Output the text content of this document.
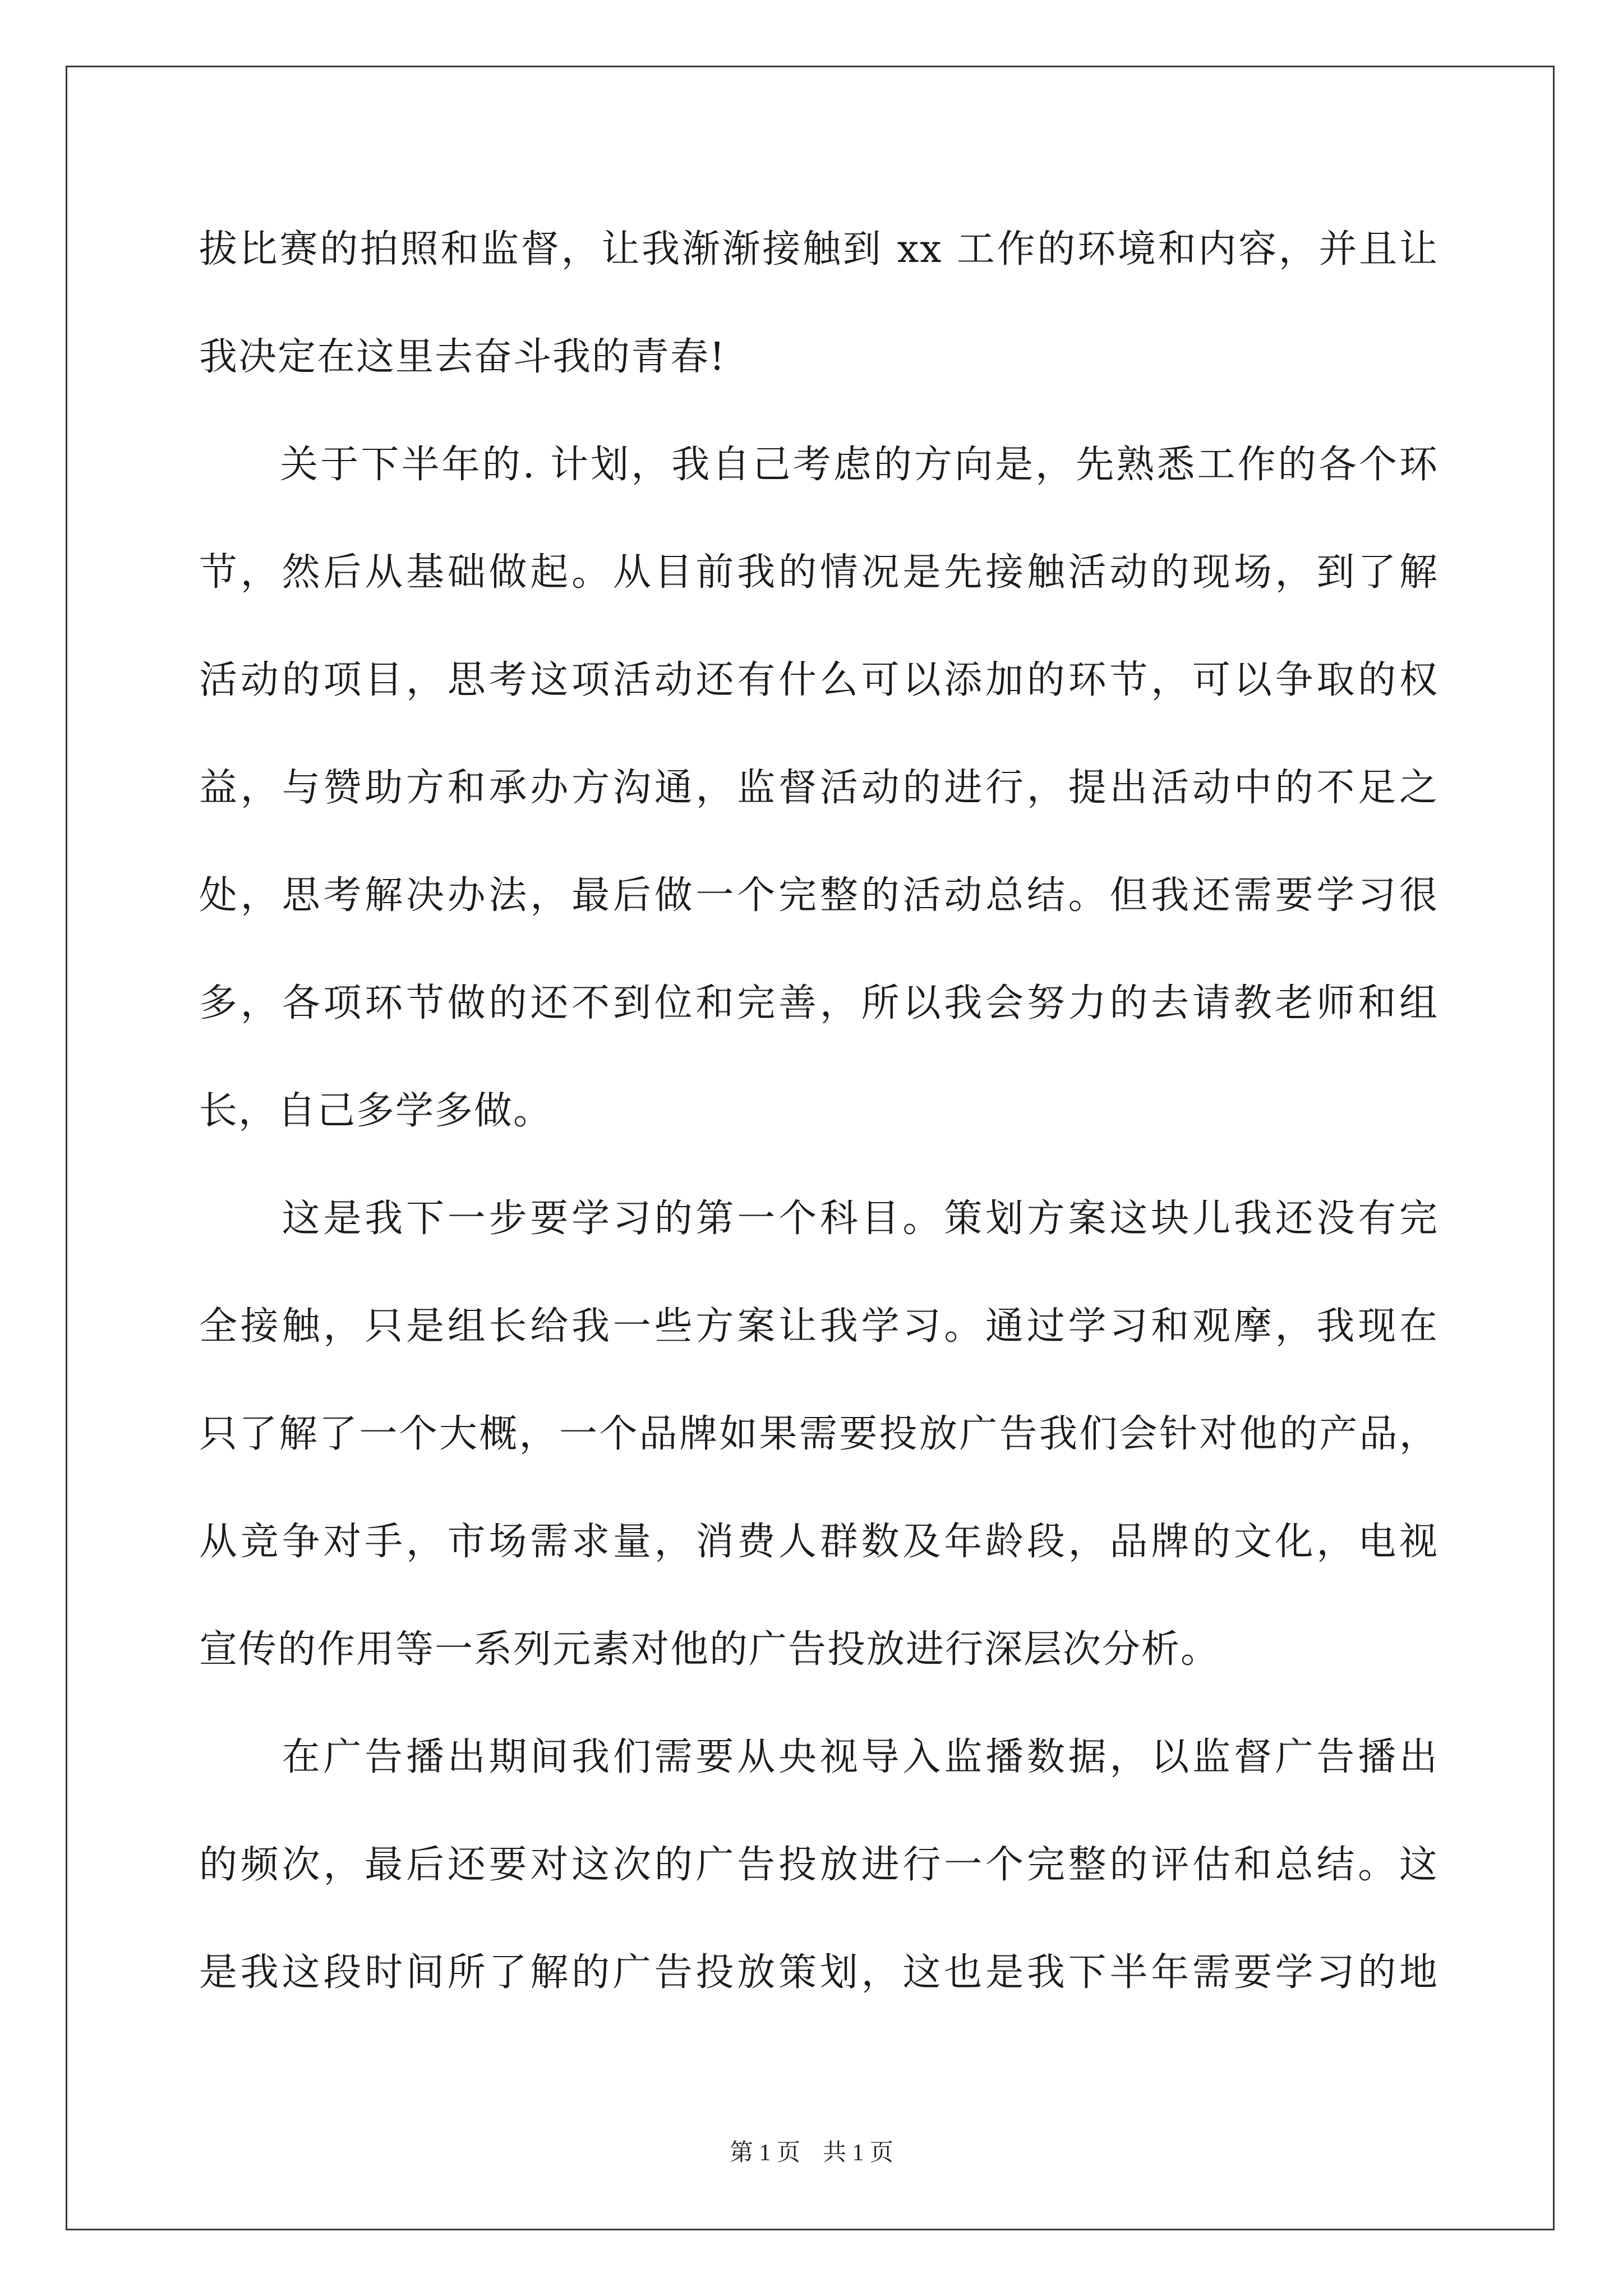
拔比赛的拍照和监督，让我渐渐接触到 xx 工作的环境和内容，并且让
我决定在这里去奋斗我的青春!
　　关于下半年的. 计划，我自己考虑的方向是，先熟悉工作的各个环
节，然后从基础做起。从目前我的情况是先接触活动的现场，到了解
活动的项目，思考这项活动还有什么可以添加的环节，可以争取的权
益，与赞助方和承办方沟通，监督活动的进行，提出活动中的不足之
处，思考解决办法，最后做一个完整的活动总结。但我还需要学习很
多，各项环节做的还不到位和完善，所以我会努力的去请教老师和组
长，自己多学多做。
　　这是我下一步要学习的第一个科目。策划方案这块儿我还没有完
全接触，只是组长给我一些方案让我学习。通过学习和观摩，我现在
只了解了一个大概，一个品牌如果需要投放广告我们会针对他的产品，
从竞争对手，市场需求量，消费人群数及年龄段，品牌的文化，电视
宣传的作用等一系列元素对他的广告投放进行深层次分析。
　　在广告播出期间我们需要从央视导入监播数据，以监督广告播出
的频次，最后还要对这次的广告投放进行一个完整的评估和总结。这
是我这段时间所了解的广告投放策划，这也是我下半年需要学习的地
第 1 页 共 1 页
